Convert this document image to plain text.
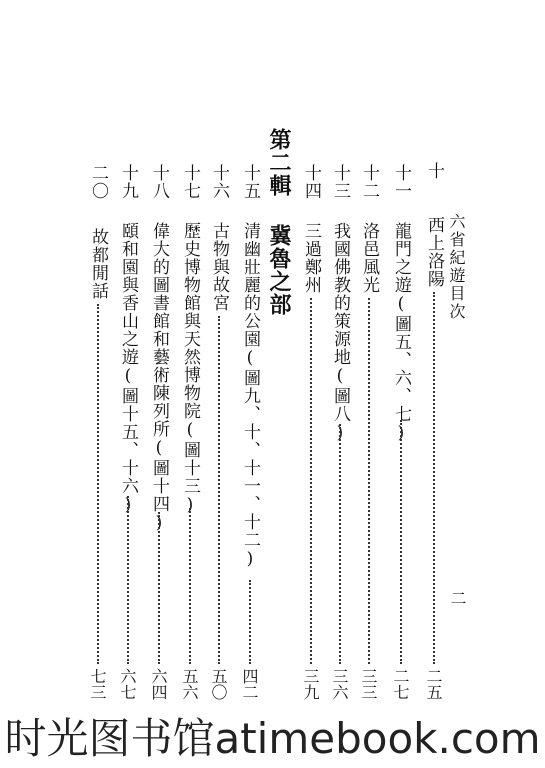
六省紀遊目次
二
十
西上洛陽
二五
十一
龍門之遊(圖五、六、七)
二七
十二
洛邑風光
三三
十三
我國佛教的策源地(圖八)
三六
十四
三過鄭州
三九
第二輯 冀魯之部
十五
清幽壯麗的公園(圖九、十、十一、十二)
四二
十六
古物與故宮
五〇
十七
歷史博物館與天然博物院(圖十三)
五六
十八
偉大的圖書館和藝術陳列所(圖十四)
六四
十九
頤和園與香山之遊(圖十五、十六)
六七
二〇
故都閒話
七三
时光图书馆atimebook.com
